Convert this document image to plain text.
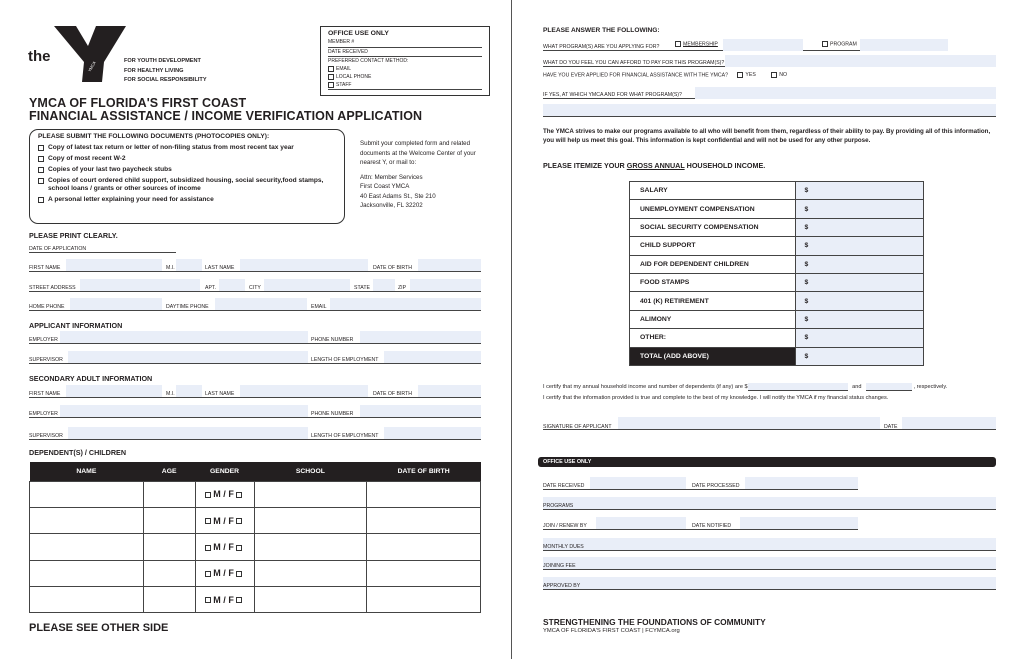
the
YMCA	FOR YOUTH DEVELOPMENT
FOR HEALTHY LIVING
FOR SOCIAL RESPONSIBILITY
OFFICE USE ONLY
MEMBER #
DATE RECEIVED
PREFERRED CONTACT METHOD:
EMAIL
LOCAL PHONE
STAFF
YMCA OF FLORIDA'S FIRST COAST
FINANCIAL ASSISTANCE / INCOME VERIFICATION APPLICATION
PLEASE SUBMIT THE FOLLOWING DOCUMENTS (PHOTOCOPIES ONLY):
Copy of latest tax return or letter of non-filing status from most recent tax year
Copy of most recent W-2
Copies of your last two paycheck stubs
Copies of court ordered child support, subsidized housing, social security,food stamps, school loans / grants or other sources of income
A personal letter explaining your need for assistance
Submit your completed form and related documents at the Welcome Center of your nearest Y, or mail to:
Attn: Member Services
First Coast YMCA
40 East Adams St., Ste 210
Jacksonville, FL 32202
PLEASE PRINT CLEARLY.
DATE OF APPLICATION
FIRST NAME	M.I.	LAST NAME	DATE OF BIRTH
STREET ADDRESS	APT.	CITY	STATE	ZIP
HOME PHONE	DAYTIME PHONE	EMAIL
APPLICANT INFORMATION
EMPLOYER	PHONE NUMBER
SUPERVISOR	LENGTH OF EMPLOYMENT
SECONDARY ADULT INFORMATION
FIRST NAME	M.I.	LAST NAME	DATE OF BIRTH
EMPLOYER	PHONE NUMBER
SUPERVISOR	LENGTH OF EMPLOYMENT
DEPENDENT(S) / CHILDREN
NAME	AGE	GENDER	SCHOOL	DATE OF BIRTH
		M / F		
		M / F		
		M / F		
		M / F		
		M / F		
PLEASE SEE OTHER SIDE
PLEASE ANSWER THE FOLLOWING:
WHAT PROGRAM(S) ARE YOU APPLYING FOR?	MEMBERSHIP	PROGRAM
WHAT DO YOU FEEL YOU CAN AFFORD TO PAY FOR THIS PROGRAM(S)?
HAVE YOU EVER APPLIED FOR FINANCIAL ASSISTANCE WITH THE YMCA?	YES	NO
IF YES, AT WHICH YMCA AND FOR WHAT PROGRAM(S)?
The YMCA strives to make our programs available to all who will benefit from them, regardless of their ability to pay. By providing all of this information, you will help us meet this goal. This information is kept confidential and will not be used for any other purpose.
PLEASE ITEMIZE YOUR GROSS ANNUAL HOUSEHOLD INCOME.
SALARY	$
UNEMPLOYMENT COMPENSATION	$
SOCIAL SECURITY COMPENSATION	$
CHILD SUPPORT	$
AID FOR DEPENDENT CHILDREN	$
FOOD STAMPS	$
401 (K) RETIREMENT	$
ALIMONY	$
OTHER:	$
TOTAL (ADD ABOVE)	$
I certify that my annual household income and number of dependents (if any) are $	and	, respectively.
I certify that the information provided is true and complete to the best of my knowledge. I will notify the YMCA if my financial status changes.
SIGNATURE OF APPLICANT	DATE
OFFICE USE ONLY
DATE RECEIVED	DATE PROCESSED
PROGRAMS
JOIN / RENEW BY	DATE NOTIFIED
MONTHLY DUES
JOINING FEE
APPROVED BY
STRENGTHENING THE FOUNDATIONS OF COMMUNITY
YMCA OF FLORIDA'S FIRST COAST | FCYMCA.org
